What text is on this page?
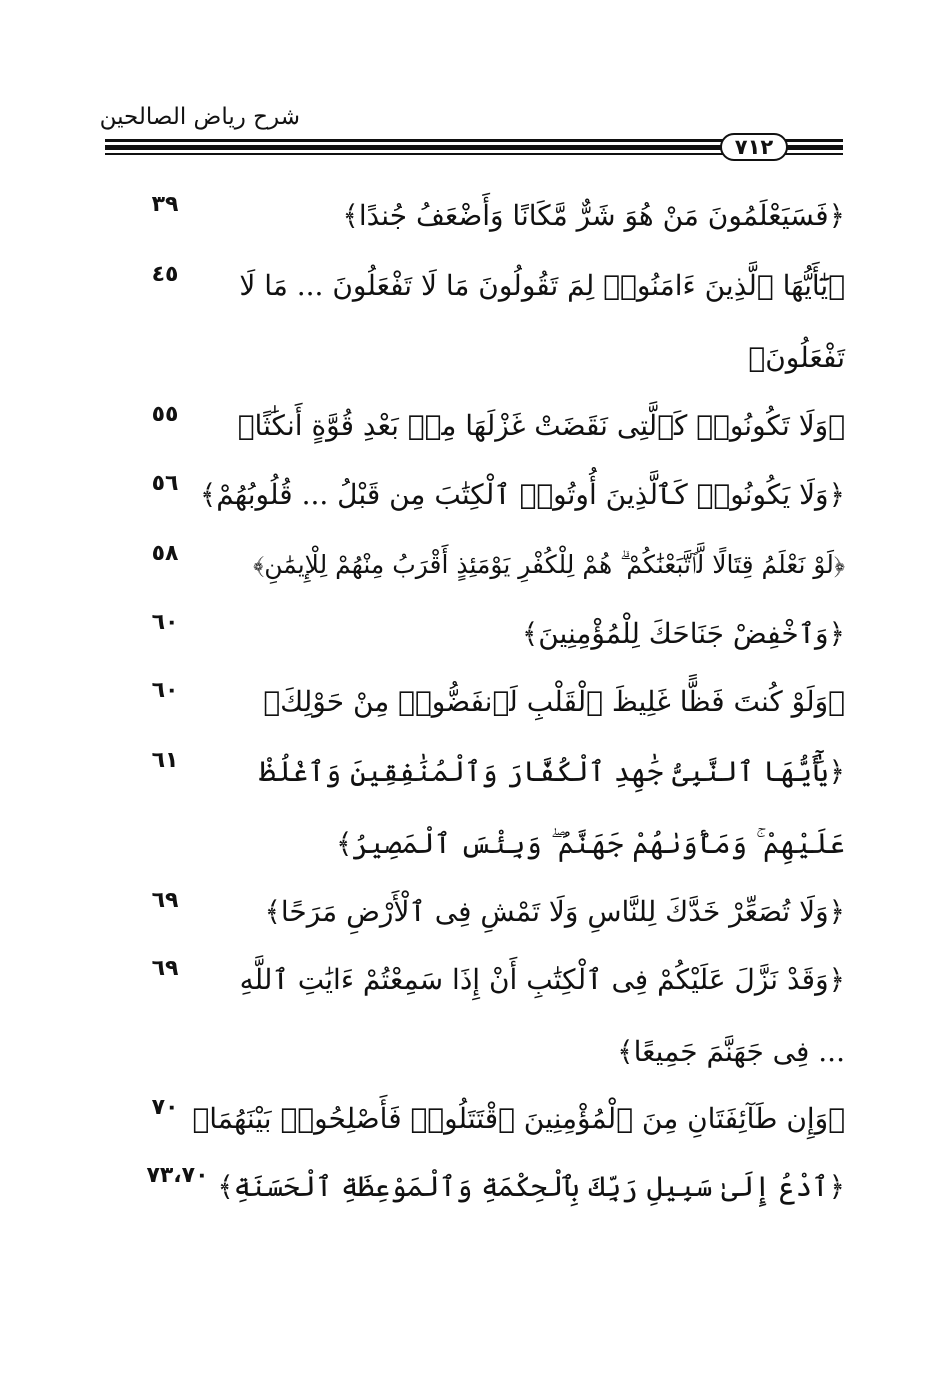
شرح رياض الصالحين
٧١٢
﴿فَسَيَعْلَمُونَ مَنْ هُوَ شَرٌّ مَّكَانًا وَأَضْعَفُ جُندًا﴾
٣٩
﴿يَٰٓأَيُّهَا ٱلَّذِينَ ءَامَنُوا۟ لِمَ تَقُولُونَ مَا لَا تَفْعَلُونَ ... مَا لَا تَفْعَلُونَ﴾
٤٥
﴿وَلَا تَكُونُوا۟ كَٱلَّتِى نَقَضَتْ غَزْلَهَا مِنۢ بَعْدِ قُوَّةٍ أَنكَٰثًا﴾
٥٥
﴿وَلَا يَكُونُوا۟ كَٱلَّذِينَ أُوتُوا۟ ٱلْكِتَٰبَ مِن قَبْلُ ... قُلُوبُهُمْ﴾
٥٦
﴿لَوْ نَعْلَمُ قِتَالًا لَّٱتَّبَعْنَٰكُمْ ۗ هُمْ لِلْكُفْرِ يَوْمَئِذٍ أَقْرَبُ مِنْهُمْ لِلْإِيمَٰنِ﴾
٥٨
﴿وَٱخْفِضْ جَنَاحَكَ لِلْمُؤْمِنِينَ﴾
٦٠
﴿وَلَوْ كُنتَ فَظًّا غَلِيظَ ٱلْقَلْبِ لَٱنفَضُّوا۟ مِنْ حَوْلِكَ﴾
٦٠
﴿يَٰٓأَيُّهَا ٱلنَّبِىُّ جَٰهِدِ ٱلْكُفَّارَ وَٱلْمُنَٰفِقِينَ وَٱغْلُظْ عَلَيْهِمْ ۚ وَمَأْوَىٰهُمْ جَهَنَّمُ ۖ وَبِئْسَ ٱلْمَصِيرُ﴾
٦١
﴿وَلَا تُصَعِّرْ خَدَّكَ لِلنَّاسِ وَلَا تَمْشِ فِى ٱلْأَرْضِ مَرَحًا﴾
٦٩
﴿وَقَدْ نَزَّلَ عَلَيْكُمْ فِى ٱلْكِتَٰبِ أَنْ إِذَا سَمِعْتُمْ ءَايَٰتِ ٱللَّهِ ... فِى جَهَنَّمَ جَمِيعًا﴾
٦٩
﴿وَإِن طَآئِفَتَانِ مِنَ ٱلْمُؤْمِنِينَ ٱقْتَتَلُوا۟ فَأَصْلِحُوا۟ بَيْنَهُمَا﴾
٧٠
﴿ٱدْعُ إِلَىٰ سَبِيلِ رَبِّكَ بِٱلْحِكْمَةِ وَٱلْمَوْعِظَةِ ٱلْحَسَنَةِ﴾
٧٣،٧٠
